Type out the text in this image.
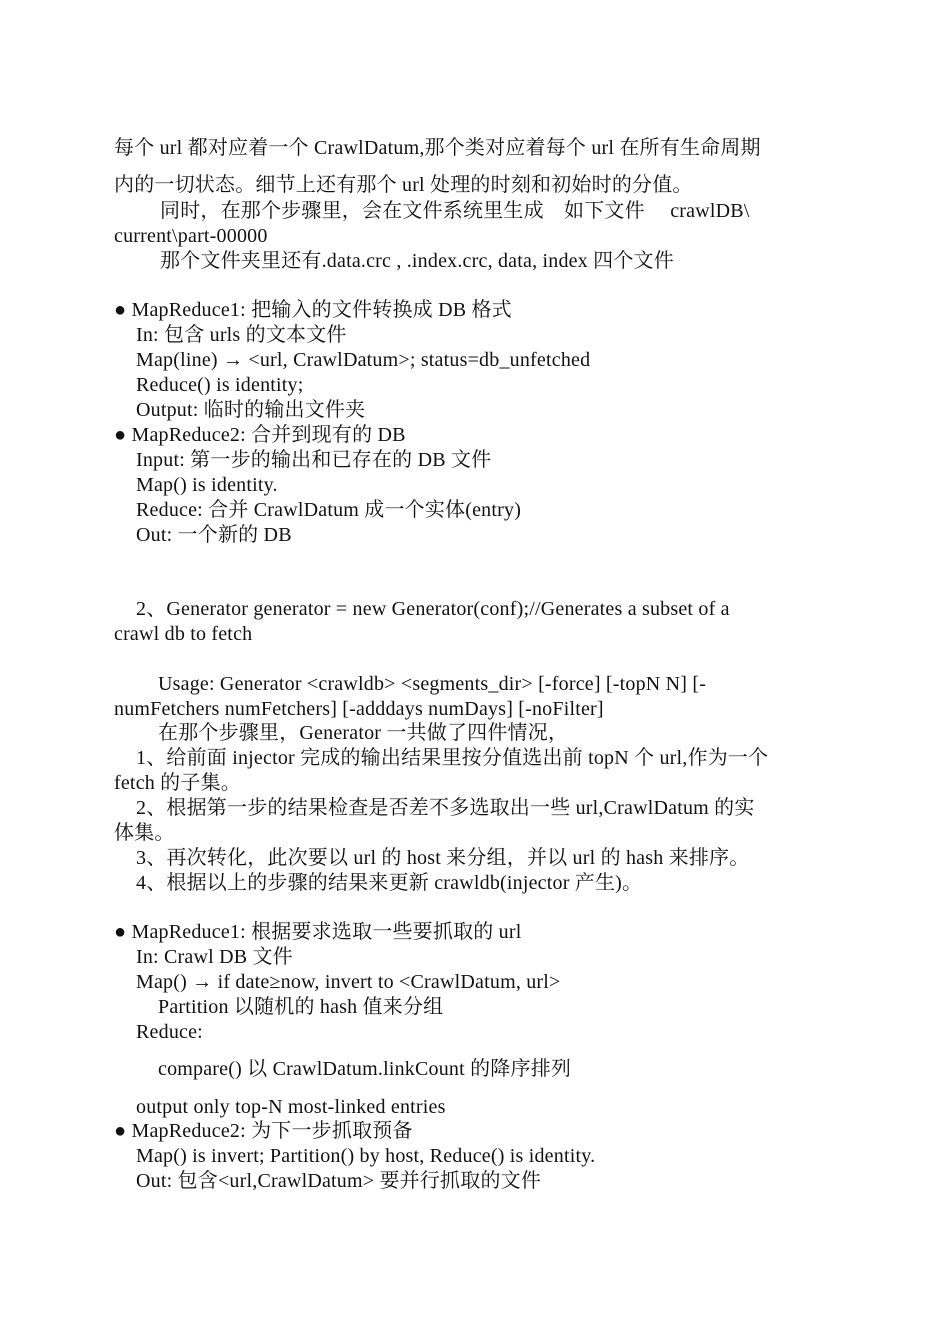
每个 url 都对应着一个 CrawlDatum,那个类对应着每个 url 在所有生命周期
内的一切状态。细节上还有那个 url 处理的时刻和初始时的分值。
同时，在那个步骤里，会在文件系统里生成　如下文件　 crawlDB\
current\part-00000
那个文件夹里还有.data.crc , .index.crc, data, index 四个文件
● MapReduce1: 把输入的文件转换成 DB 格式
In: 包含 urls 的文本文件
Map(line) → <url, CrawlDatum>; status=db_unfetched
Reduce() is identity;
Output: 临时的输出文件夹
● MapReduce2: 合并到现有的 DB
Input: 第一步的输出和已存在的 DB 文件
Map() is identity.
Reduce: 合并 CrawlDatum 成一个实体(entry)
Out: 一个新的 DB
2、Generator generator = new Generator(conf);//Generates a subset of a
crawl db to fetch
Usage: Generator <crawldb> <segments_dir> [-force] [-topN N] [-
numFetchers numFetchers] [-adddays numDays] [-noFilter]
在那个步骤里，Generator 一共做了四件情况，
1、给前面 injector 完成的输出结果里按分值选出前 topN 个 url,作为一个
fetch 的子集。
2、根据第一步的结果检查是否差不多选取出一些 url,CrawlDatum 的实
体集。
3、再次转化，此次要以 url 的 host 来分组，并以 url 的 hash 来排序。
4、根据以上的步骤的结果来更新 crawldb(injector 产生)。
● MapReduce1: 根据要求选取一些要抓取的 url
In: Crawl DB 文件
Map() → if date≥now, invert to <CrawlDatum, url>
Partition 以随机的 hash 值来分组
Reduce:
compare() 以 CrawlDatum.linkCount 的降序排列
output only top-N most-linked entries
● MapReduce2: 为下一步抓取预备
Map() is invert; Partition() by host, Reduce() is identity.
Out: 包含<url,CrawlDatum> 要并行抓取的文件
